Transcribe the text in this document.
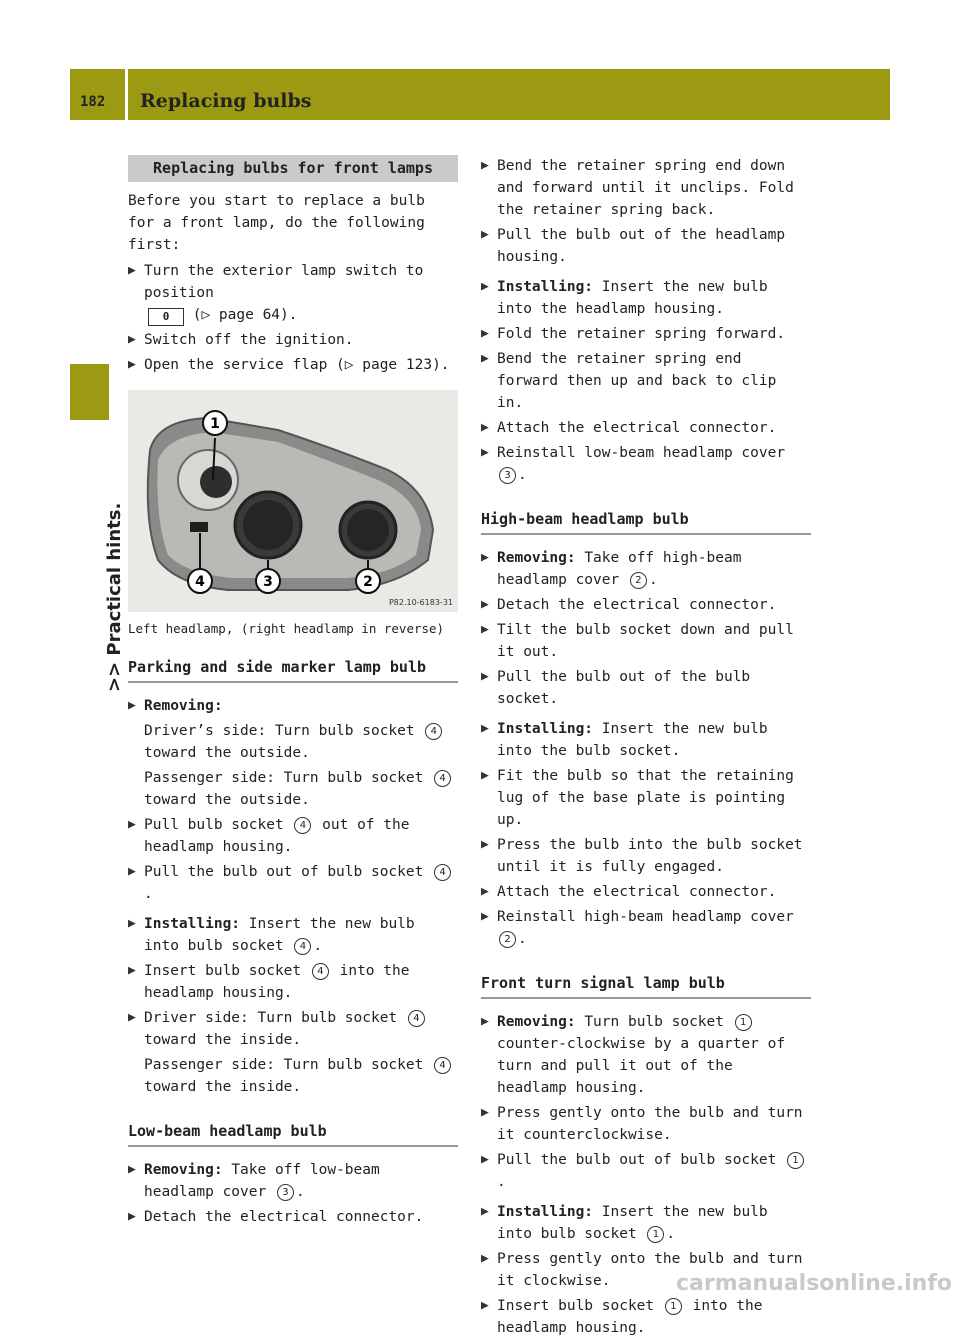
182 Replacing bulbs
>> Practical hints.
Replacing bulbs for front lamps

Before you start to replace a bulb for a front lamp, do the following first:

▶ Turn the exterior lamp switch to position
0 (▷ page 64).
▶ Switch off the ignition.
▶ Open the service flap (▷ page 123).
1
2
3
4
P82.10-6183-31

Left headlamp, (right headlamp in reverse)

Parking and side marker lamp bulb
▶ Removing:
Driver’s side: Turn bulb socket 4 toward the outside.
Passenger side: Turn bulb socket 4 toward the outside.
▶ Pull bulb socket 4 out of the headlamp housing.
▶ Pull the bulb out of bulb socket 4.
▶ Installing: Insert the new bulb into bulb socket 4 .
▶ Insert bulb socket 4 into the headlamp housing.
▶ Driver side: Turn bulb socket 4 toward the inside.
Passenger side: Turn bulb socket 4 toward the inside.
Low-beam headlamp bulb
▶ Removing: Take off low-beam headlamp cover 3 .
▶ Detach the electrical connector.
▶ Bend the retainer spring end down and forward until it unclips. Fold the retainer spring back.
▶ Pull the bulb out of the headlamp housing.
▶ Installing: Insert the new bulb into the headlamp housing.
▶ Fold the retainer spring forward.
▶ Bend the retainer spring end forward then up and back to clip in.
▶ Attach the electrical connector.
▶ Reinstall low-beam headlamp cover 3 .
High-beam headlamp bulb
▶ Removing: Take off high-beam headlamp cover 2 .
▶ Detach the electrical connector.
▶ Tilt the bulb socket down and pull it out.
▶ Pull the bulb out of the bulb socket.
▶ Installing: Insert the new bulb into the bulb socket.
▶ Fit the bulb so that the retaining lug of the base plate is pointing up.
▶ Press the bulb into the bulb socket until it is fully engaged.
▶ Attach the electrical connector.
▶ Reinstall high-beam headlamp cover 2 .
Front turn signal lamp bulb
▶ Removing: Turn bulb socket 1 counter-clockwise by a quarter of turn and pull it out of the headlamp housing.
▶ Press gently onto the bulb and turn it counterclockwise.
▶ Pull the bulb out of bulb socket 1.
▶ Installing: Insert the new bulb into bulb socket 1 .
▶ Press gently onto the bulb and turn it clockwise.
▶ Insert bulb socket 1 into the headlamp housing.
carmanualsonline.info
